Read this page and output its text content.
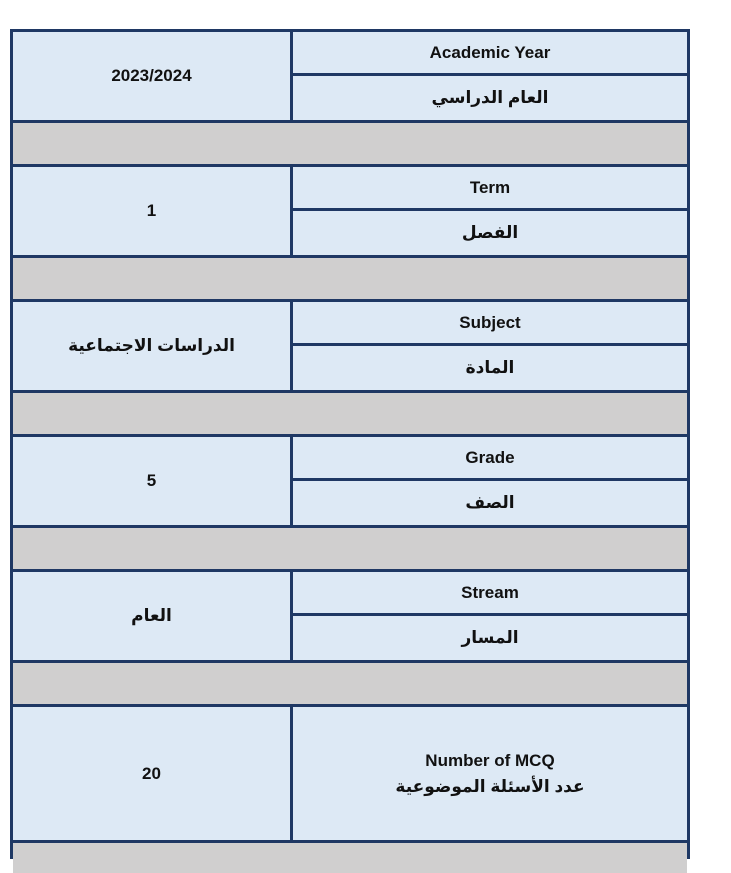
2023/2024
Academic Year
العام الدراسي
1
Term
الفصل
الدراسات الاجتماعية
Subject
المادة
5
Grade
الصف
العام
Stream
المسار
20
Number of MCQ
عدد الأسئلة الموضوعية
